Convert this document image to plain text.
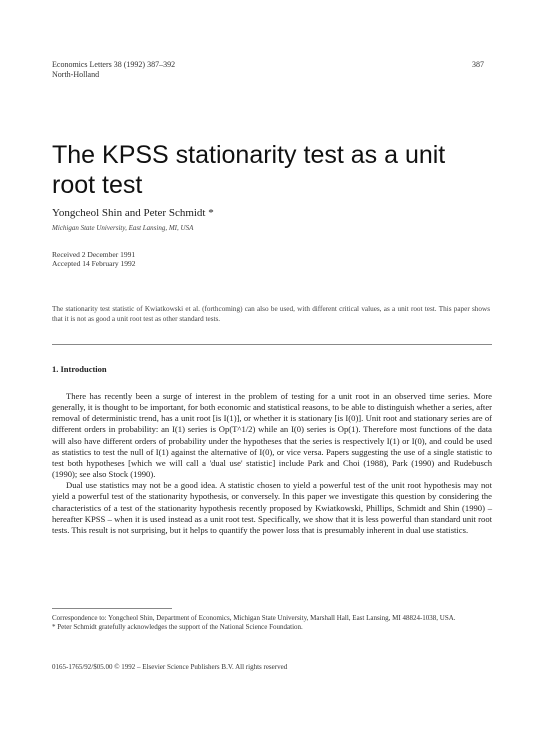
Economics Letters 38 (1992) 387–392
North-Holland
387
The KPSS stationarity test as a unit root test
Yongcheol Shin and Peter Schmidt *
Michigan State University, East Lansing, MI, USA
Received 2 December 1991
Accepted 14 February 1992
The stationarity test statistic of Kwiatkowski et al. (forthcoming) can also be used, with different critical values, as a unit root test. This paper shows that it is not as good a unit root test as other standard tests.
1. Introduction

There has recently been a surge of interest in the problem of testing for a unit root in an observed time series. More generally, it is thought to be important, for both economic and statistical reasons, to be able to distinguish whether a series, after removal of deterministic trend, has a unit root [is I(1)], or whether it is stationary [is I(0)]. Unit root and stationary series are of different orders in probability: an I(1) series is Op(T^1/2) while an I(0) series is Op(1). Therefore most functions of the data will also have different orders of probability under the hypotheses that the series is respectively I(1) or I(0), and could be used as statistics to test the null of I(1) against the alternative of I(0), or vice versa. Papers suggesting the use of a single statistic to test both hypotheses [which we will call a 'dual use' statistic] include Park and Choi (1988), Park (1990) and Rudebusch (1990); see also Stock (1990).

Dual use statistics may not be a good idea. A statistic chosen to yield a powerful test of the unit root hypothesis may not yield a powerful test of the stationarity hypothesis, or conversely. In this paper we investigate this question by considering the characteristics of a test of the stationarity hypothesis recently proposed by Kwiatkowski, Phillips, Schmidt and Shin (1990) – hereafter KPSS – when it is used instead as a unit root test. Specifically, we show that it is less powerful than standard unit root tests. This result is not surprising, but it helps to quantify the power loss that is presumably inherent in dual use statistics.

Correspondence to: Yongcheol Shin, Department of Economics, Michigan State University, Marshall Hall, East Lansing, MI 48824-1038, USA.
* Peter Schmidt gratefully acknowledges the support of the National Science Foundation.
0165-1765/92/$05.00 © 1992 – Elsevier Science Publishers B.V. All rights reserved
